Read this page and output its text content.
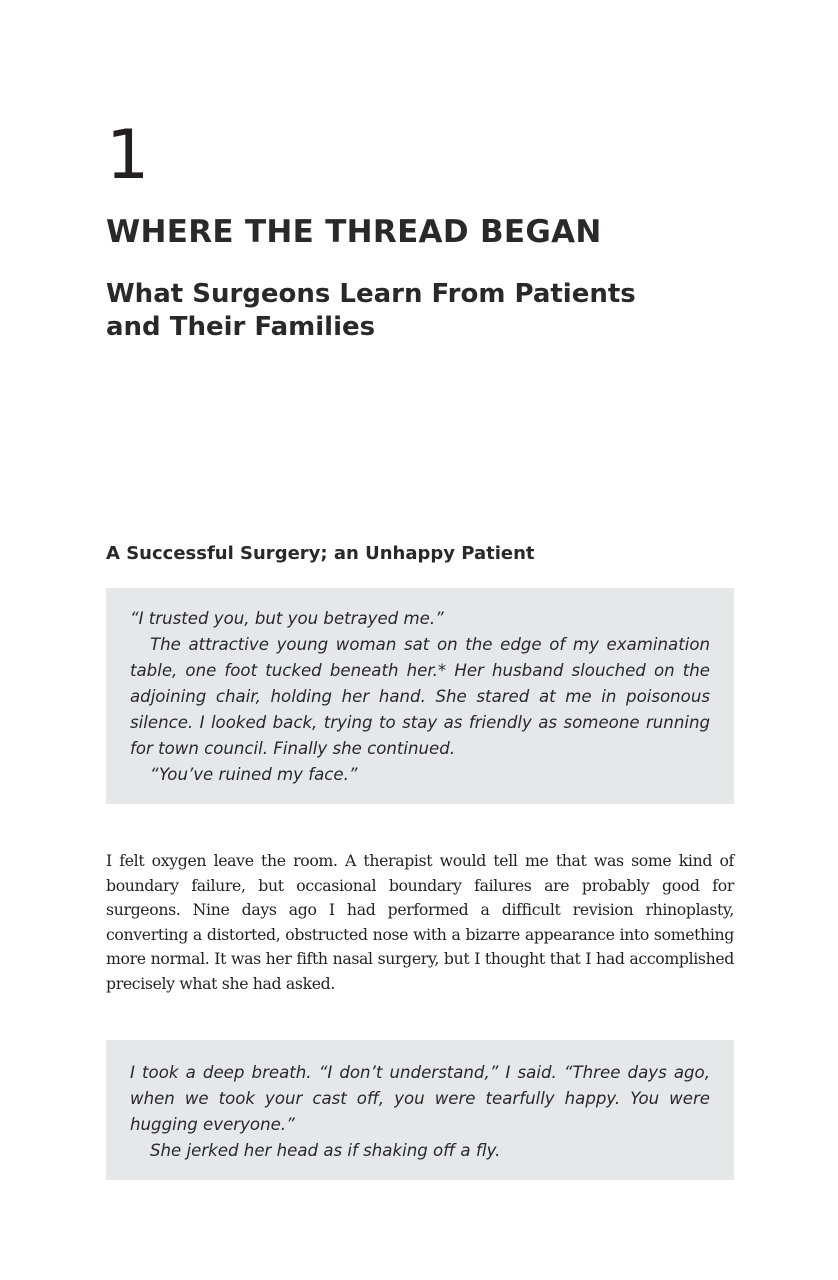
1
WHERE THE THREAD BEGAN
What Surgeons Learn From Patients and Their Families
A Successful Surgery; an Unhappy Patient

“I trusted you, but you betrayed me.”

The attractive young woman sat on the edge of my examination table, one foot tucked beneath her.* Her husband slouched on the adjoining chair, holding her hand. She stared at me in poisonous silence. I looked back, trying to stay as friendly as someone running for town council. Finally she continued.

“You’ve ruined my face.”

I felt oxygen leave the room. A therapist would tell me that was some kind of boundary failure, but occasional boundary failures are probably good for surgeons. Nine days ago I had performed a difficult revision rhinoplasty, converting a distorted, obstructed nose with a bizarre appearance into something more normal. It was her fifth nasal surgery, but I thought that I had accomplished precisely what she had asked.

I took a deep breath. “I don’t understand,” I said. “Three days ago, when we took your cast off, you were tearfully happy. You were hugging everyone.”

She jerked her head as if shaking off a fly.
